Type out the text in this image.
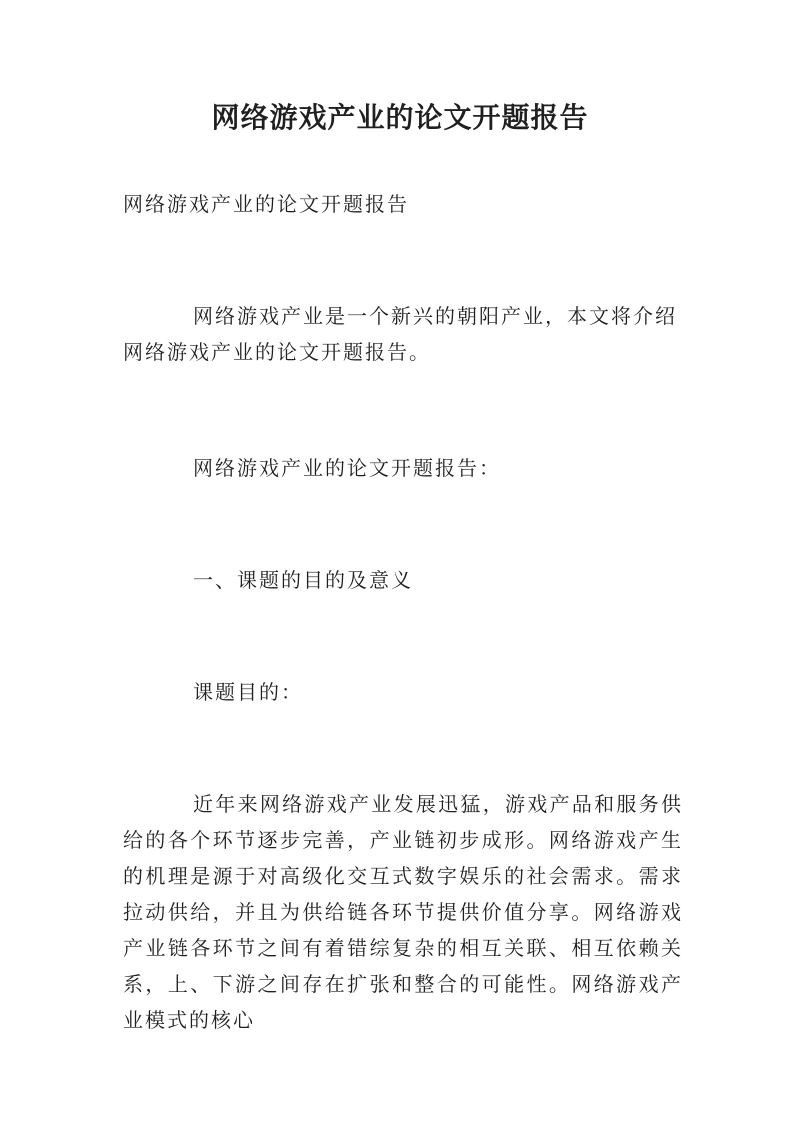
网络游戏产业的论文开题报告

网络游戏产业的论文开题报告

网络游戏产业是一个新兴的朝阳产业，本文将介绍网络游戏产业的论文开题报告。

网络游戏产业的论文开题报告：

一、课题的目的及意义

课题目的：

近年来网络游戏产业发展迅猛，游戏产品和服务供给的各个环节逐步完善，产业链初步成形。网络游戏产生的机理是源于对高级化交互式数字娱乐的社会需求。需求拉动供给，并且为供给链各环节提供价值分享。网络游戏产业链各环节之间有着错综复杂的相互关联、相互依赖关系，上、下游之间存在扩张和整合的可能性。网络游戏产业模式的核心
